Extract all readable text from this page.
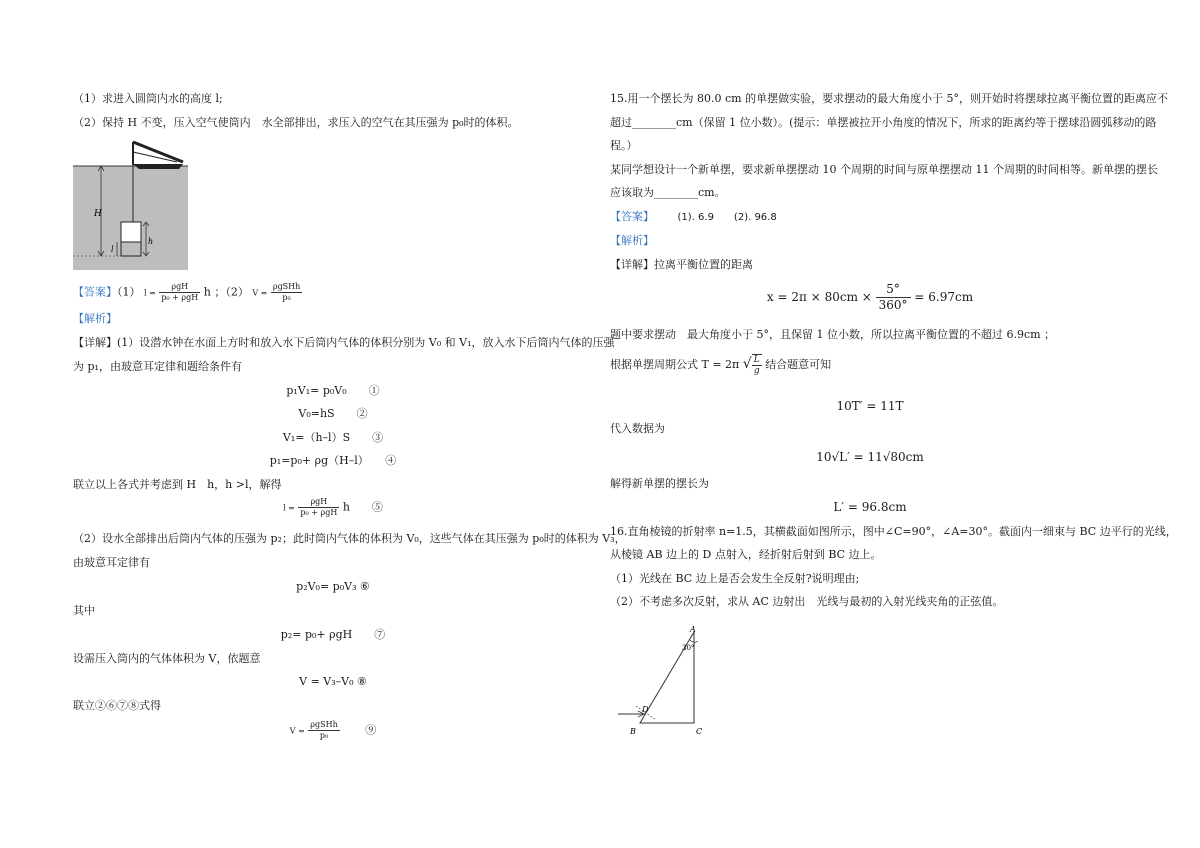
（1）求进入圆筒内水的高度 l;
（2）保持 H 不变，压入空气使筒内　水全部排出，求压入的空气在其压强为 p₀时的体积。
H
h
l
【答案】（1） $l = \frac{\text{ρgH}}{\text{p₀ + ρgH}}$ h ；（2） $V = \frac{\text{ρgSHh}}{\text{p₀}}$
【解析】
【详解】(1）设潜水钟在水面上方时和放入水下后筒内气体的体积分别为 V₀ 和 V₁，放入水下后筒内气体的压强
为 p₁，由玻意耳定律和题给条件有
p₁V₁= p₀V₀　　①
V₀=hS　　②
V₁=（h–l）S　　③
p₁=p₀+ ρg（H–l）　　④
联立以上各式并考虑到 H　h，h >l，解得
$l = \frac{\text{ρgH}}{\text{p₀ + ρgH}}$ h　　⑤
（2）设水全部排出后筒内气体的压强为 p₂；此时筒内气体的体积为 V₀，这些气体在其压强为 p₀时的体积为 V₃，
由玻意耳定律有
p₂V₀= p₀V₃ ⑥
其中
p₂= p₀+ ρgH　　⑦
设需压入筒内的气体体积为 V，依题意
V = V₃–V₀ ⑧
联立②⑥⑦⑧式得
$V = \frac{\text{ρgSHh}}{\text{p₀}}$ 　　⑨
15.用一个摆长为 80.0 cm 的单摆做实验，要求摆动的最大角度小于 5°，则开始时将摆球拉离平衡位置的距离应不
超过________cm（保留 1 位小数）。(提示：单摆被拉开小角度的情况下，所求的距离约等于摆球沿圆弧移动的路
程。）
某同学想设计一个新单摆，要求新单摆摆动 10 个周期的时间与原单摆摆动 11 个周期的时间相等。新单摆的摆长
应该取为________cm。
【答案】 (1). 6.9　　(2). 96.8
【解析】
【详解】拉离平衡位置的距离
$x = 2\pi \times 80cm \times \frac{5^\circ}{360^\circ} = 6.97cm$
题中要求摆动　最大角度小于 5°，且保留 1 位小数，所以拉离平衡位置的不超过 6.9cm ；
根据单摆周期公式 T = 2π √ $\frac{L}{g}$ 结合题意可知
10T′ = 11T
代入数据为
10√L′ = 11√80cm
解得新单摆的摆长为
L′ = 96.8cm
16.直角棱镜的折射率 n=1.5，其横截面如图所示，图中∠C=90°，∠A=30°。截面内一细束与 BC 边平行的光线，
从棱镜 AB 边上的 D 点射入，经折射后射到 BC 边上。
（1）光线在 BC 边上是否会发生全反射?说明理由;
（2）不考虑多次反射，求从 AC 边射出　光线与最初的入射光线夹角的正弦值。
A
B	C
D
30°
